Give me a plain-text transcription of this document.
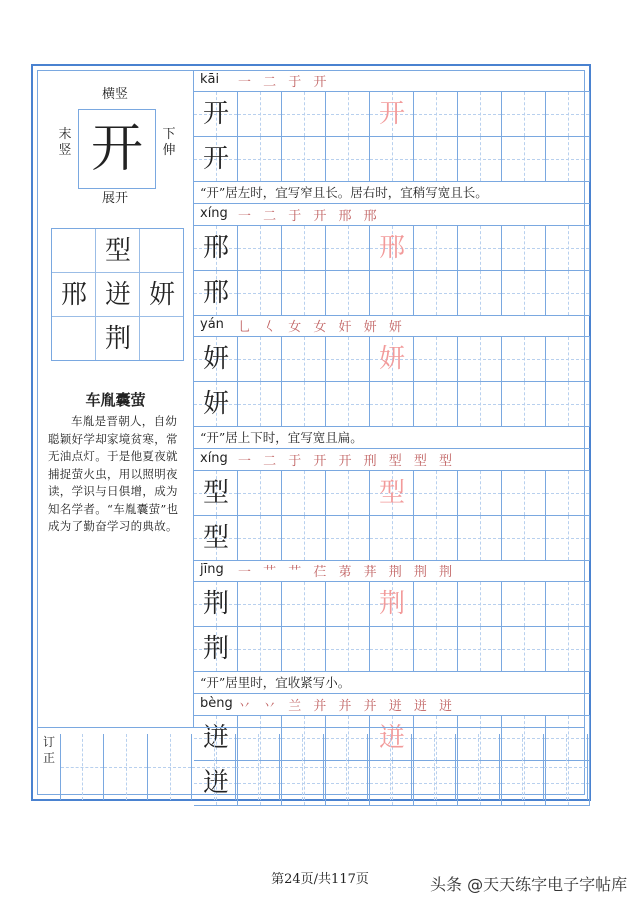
横竖
开
末竖
下伸
展开
型
邢 迸 妍
荆
车胤囊萤
车胤是晋朝人，自幼聪颖好学却家境贫寒，常无油点灯。于是他夏夜就捕捉萤火虫，用以照明夜读，学识与日俱增，成为知名学者。“车胤囊萤”也成为了勤奋学习的典故。
kāi 一 二 于 开
开	开
开
“开”居左时，宜写窄且长。居右时，宜稍写宽且长。
xíng 一 二 于 开 邢 邢
邢	邢
邢
yán 乚 𡿨 女 女 奸 妍 妍
妍	妍
妍
“开”居上下时，宜写宽且扁。
xíng 一 二 于 开 开 刑 型 型 型
型	型
型
jīng 一 艹 艹 芢 苐 荓 荆 荆 荆
荆	荆
荆
“开”居里时，宜收紧写小。
bèng 丷 丷 兰 并 并 并 迸 迸 迸
迸	迸
迸
订正
第24页/共117页	头条 @天天练字电子字帖库
